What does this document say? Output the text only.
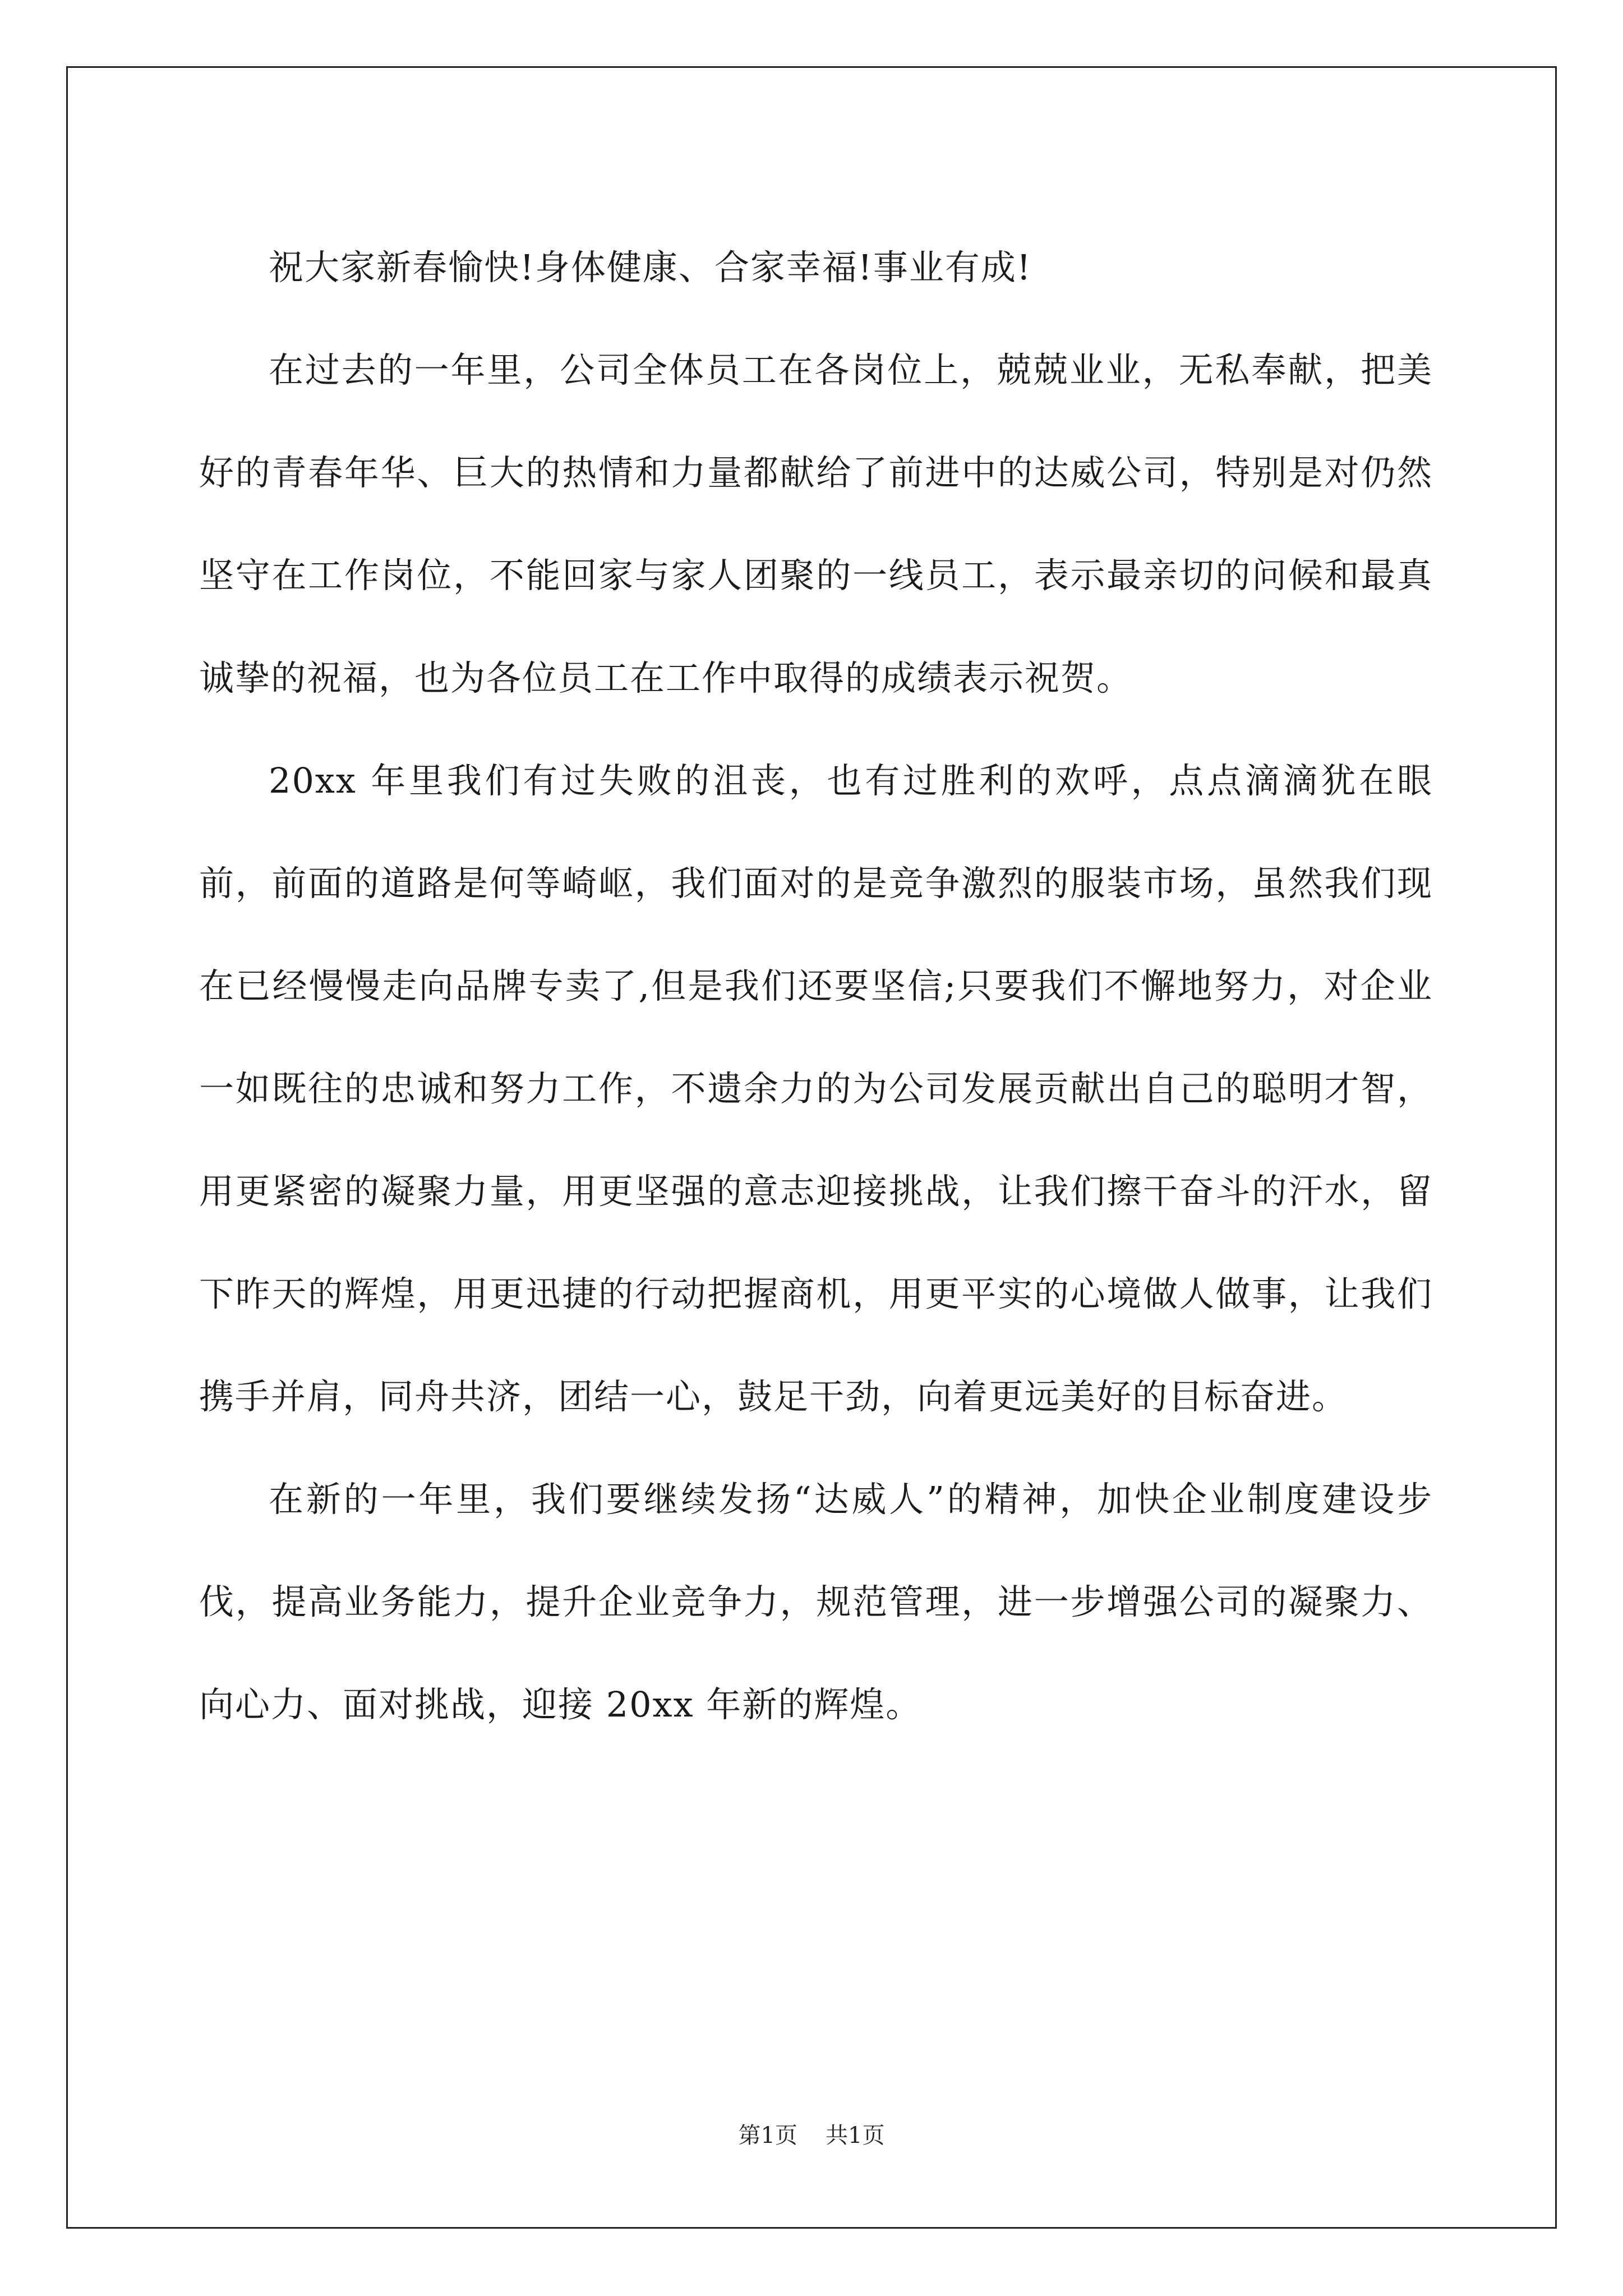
祝大家新春愉快!身体健康、合家幸福!事业有成!

在过去的一年里，公司全体员工在各岗位上，兢兢业业，无私奉献，把美好的青春年华、巨大的热情和力量都献给了前进中的达威公司，特别是对仍然坚守在工作岗位，不能回家与家人团聚的一线员工，表示最亲切的问候和最真诚挚的祝福，也为各位员工在工作中取得的成绩表示祝贺。

20xx 年里我们有过失败的沮丧，也有过胜利的欢呼，点点滴滴犹在眼前，前面的道路是何等崎岖，我们面对的是竞争激烈的服装市场，虽然我们现在已经慢慢走向品牌专卖了,但是我们还要坚信;只要我们不懈地努力，对企业一如既往的忠诚和努力工作，不遗余力的为公司发展贡献出自己的聪明才智，用更紧密的凝聚力量，用更坚强的意志迎接挑战，让我们擦干奋斗的汗水，留下昨天的辉煌，用更迅捷的行动把握商机，用更平实的心境做人做事，让我们携手并肩，同舟共济，团结一心，鼓足干劲，向着更远美好的目标奋进。

在新的一年里，我们要继续发扬“达威人”的精神，加快企业制度建设步伐，提高业务能力，提升企业竞争力，规范管理，进一步增强公司的凝聚力、向心力、面对挑战，迎接 20xx 年新的辉煌。

第1页 共1页
